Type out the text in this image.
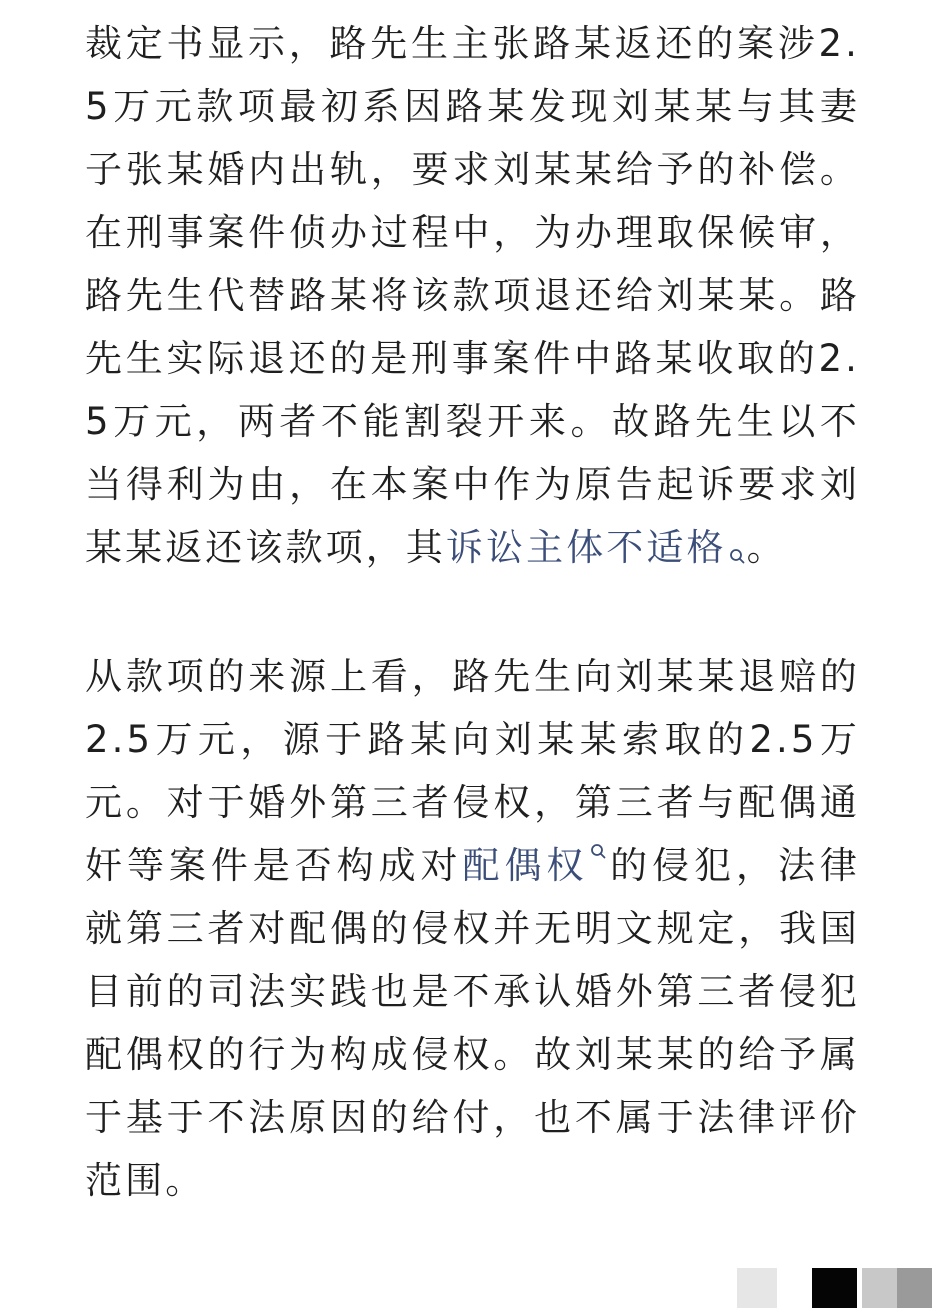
裁定书显示，路先生主张路某返还的案涉2.5万元款项最初系因路某发现刘某某与其妻子张某婚内出轨，要求刘某某给予的补偿。在刑事案件侦办过程中，为办理取保候审，路先生代替路某将该款项退还给刘某某。路先生实际退还的是刑事案件中路某收取的2.5万元，两者不能割裂开来。故路先生以不当得利为由，在本案中作为原告起诉要求刘某某返还该款项，其诉讼主体不适格 。

从款项的来源上看，路先生向刘某某退赔的2.5万元，源于路某向刘某某索取的2.5万元。对于婚外第三者侵权，第三者与配偶通奸等案件是否构成对配偶权 的侵犯，法律就第三者对配偶的侵权并无明文规定，我国目前的司法实践也是不承认婚外第三者侵犯配偶权的行为构成侵权。故刘某某的给予属于基于不法原因的给付，也不属于法律评价范围。
